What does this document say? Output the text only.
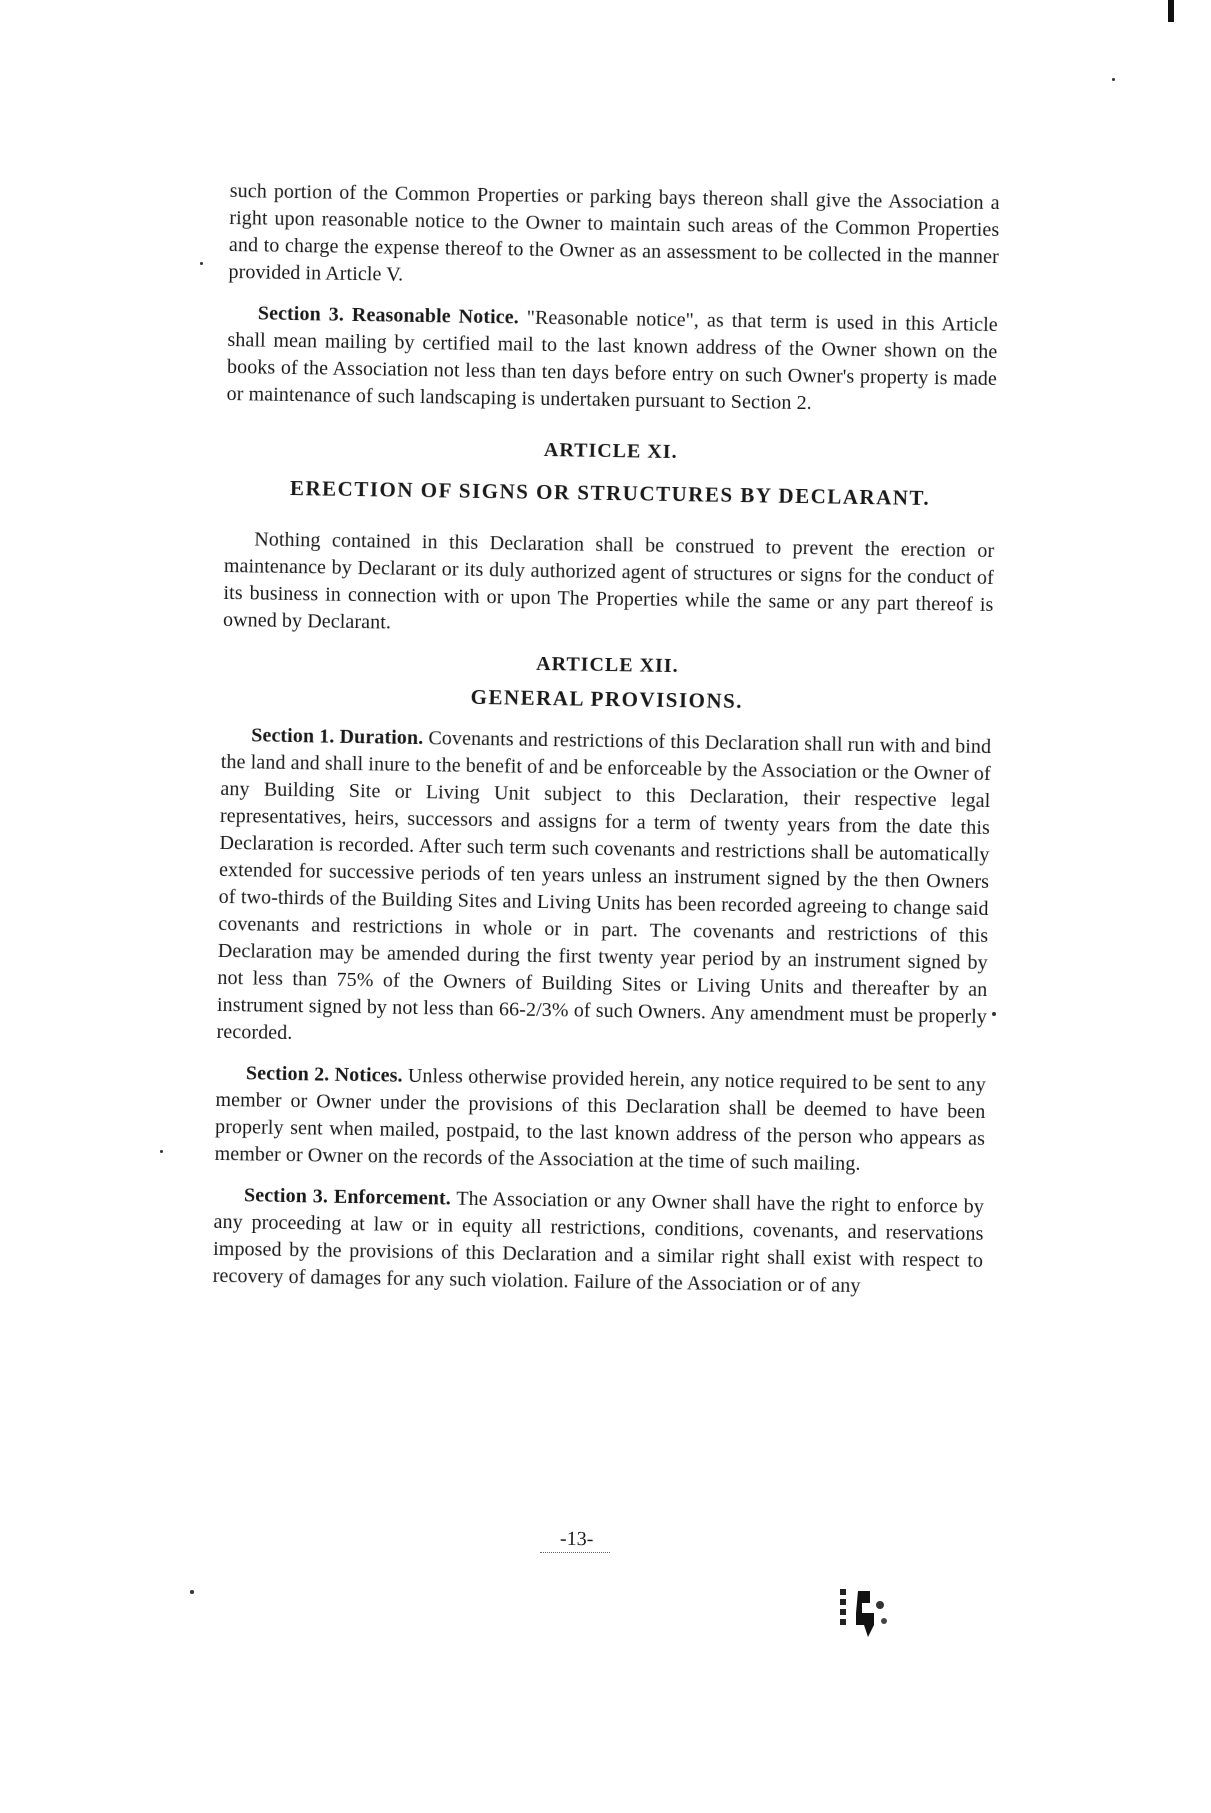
such portion of the Common Properties or parking bays thereon shall give the Association a right upon reasonable notice to the Owner to maintain such areas of the Common Properties and to charge the expense thereof to the Owner as an assessment to be collected in the manner provided in Article V.

Section 3. Reasonable Notice. "Reasonable notice", as that term is used in this Article shall mean mailing by certified mail to the last known address of the Owner shown on the books of the Association not less than ten days before entry on such Owner's property is made or maintenance of such landscaping is undertaken pursuant to Section 2.

ARTICLE XI.
ERECTION OF SIGNS OR STRUCTURES BY DECLARANT.

Nothing contained in this Declaration shall be construed to prevent the erection or maintenance by Declarant or its duly authorized agent of structures or signs for the conduct of its business in connection with or upon The Properties while the same or any part thereof is owned by Declarant.

ARTICLE XII.
GENERAL PROVISIONS.

Section 1. Duration. Covenants and restrictions of this Declaration shall run with and bind the land and shall inure to the benefit of and be enforceable by the Association or the Owner of any Building Site or Living Unit subject to this Declaration, their respective legal representatives, heirs, successors and assigns for a term of twenty years from the date this Declaration is recorded. After such term such covenants and restrictions shall be automatically extended for successive periods of ten years unless an instrument signed by the then Owners of two-thirds of the Building Sites and Living Units has been recorded agreeing to change said covenants and restrictions in whole or in part. The covenants and restrictions of this Declaration may be amended during the first twenty year period by an instrument signed by not less than 75% of the Owners of Building Sites or Living Units and thereafter by an instrument signed by not less than 66-2/3% of such Owners. Any amendment must be properly recorded.

Section 2. Notices. Unless otherwise provided herein, any notice required to be sent to any member or Owner under the provisions of this Declaration shall be deemed to have been properly sent when mailed, postpaid, to the last known address of the person who appears as member or Owner on the records of the Association at the time of such mailing.

Section 3. Enforcement. The Association or any Owner shall have the right to enforce by any proceeding at law or in equity all restrictions, conditions, covenants, and reservations imposed by the provisions of this Declaration and a similar right shall exist with respect to recovery of damages for any such violation. Failure of the Association or of any

-13-
